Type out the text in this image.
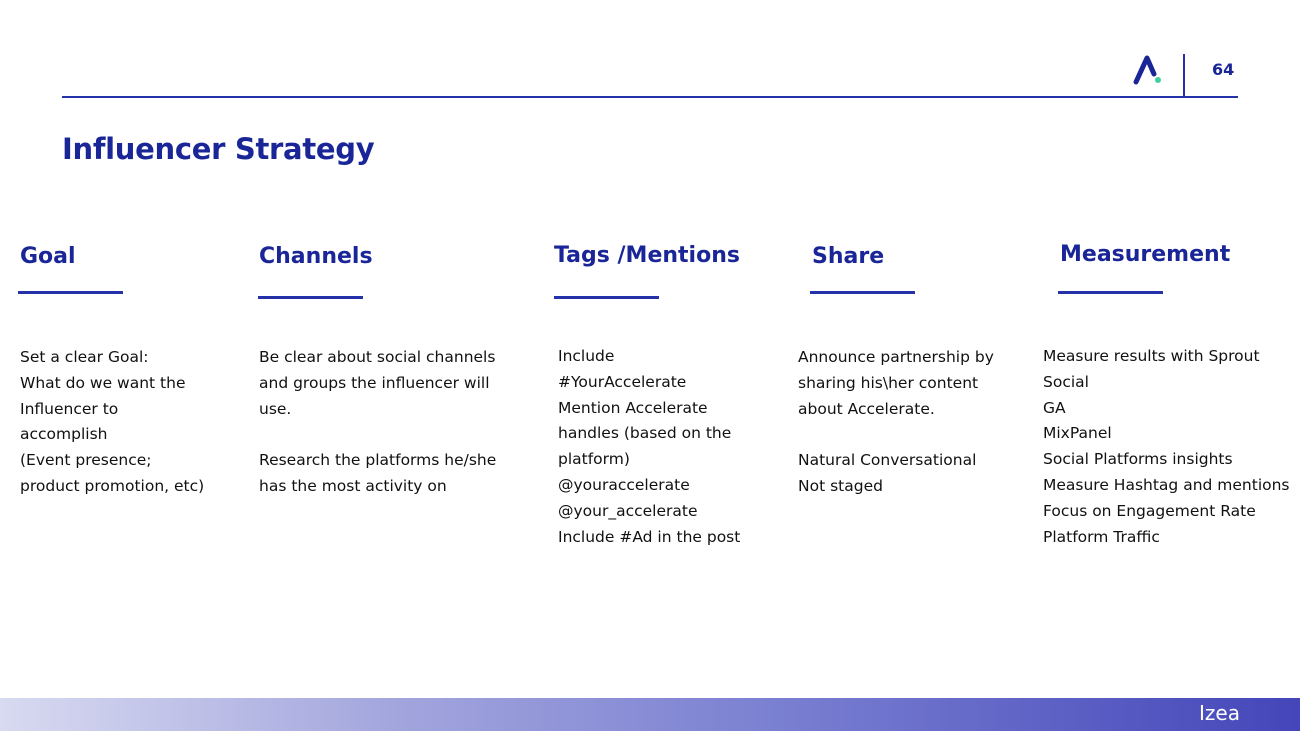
64
Influencer Strategy
Goal
Set a clear Goal:
What do we want the
Influencer to
accomplish
(Event presence;
product promotion, etc)
Channels
Be clear about social channels
and groups the influencer will
use.
Research the platforms he/she
has the most activity on
Tags /Mentions
Include
#YourAccelerate
Mention Accelerate
handles (based on the
platform)
@youraccelerate
@your_accelerate
Include #Ad in the post
Share
Announce partnership by
sharing his\her content
about Accelerate.
Natural Conversational
Not staged
Measurement
Measure results with Sprout
Social
GA
MixPanel
Social Platforms insights
Measure Hashtag and mentions
Focus on Engagement Rate
Platform Traffic
Izea
